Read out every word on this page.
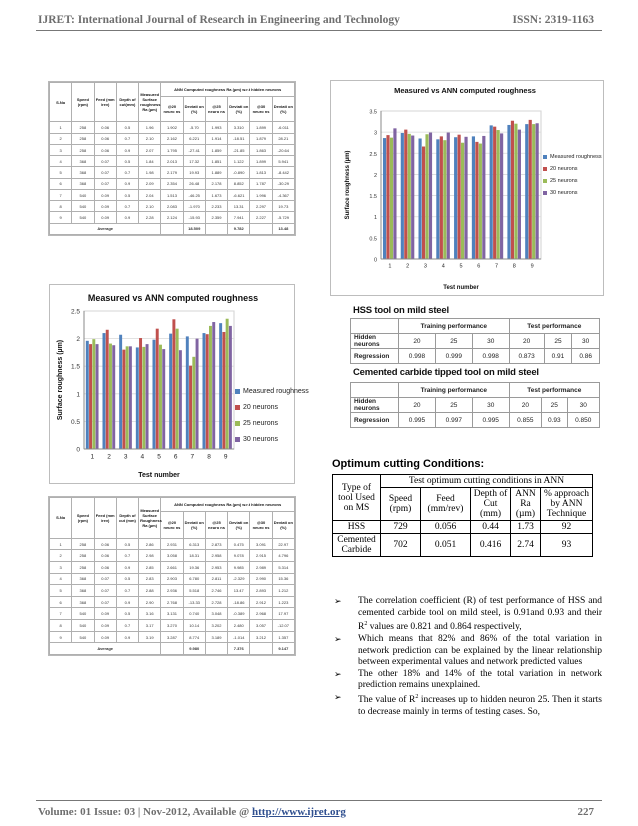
IJRET: International Journal of Research in Engineering and Technology	ISSN: 2319-1163
S.No	Speed (rpm)	Feed (mm /rev)	Depth of cut(mm)	Measured Surface roughness Ra (µm)	ANN Computed roughness Ra (µm) w.r.t hidden neurons					
					@20 neuro ns	Deviati on (%)	@25 neuro ns	Deviati on (%)	@30 neuro ns	Deviati on (%)
1	258	0.06	0.5	1.96	1.902	-5.70	1.993	3.310	1.899	-6.011
2	258	0.06	0.7	2.10	2.162	6.221	1.914	-18.51	1.879	28.21
3	258	0.06	0.9	2.07	1.795	-27.41	1.859	-21.85	1.863	-20.64
4	368	0.07	0.5	1.84	2.013	17.32	1.851	1.122	1.899	5.941
5	368	0.07	0.7	1.98	2.179	19.93	1.889	-0.890	1.813	-8.442
6	368	0.07	0.9	2.09	2.354	26.48	2.178	8.852	1.787	-30.29
7	540	0.09	0.5	2.04	1.513	-46.25	1.673	-6.621	1.996	-4.367
8	540	0.09	0.7	2.10	2.083	-1.970	2.233	13.31	2.297	19.73
9	540	0.09	0.9	2.28	2.124	-15.93	2.359	7.941	2.227	-5.729
Average						18.509		9.782		13.48
Measured vs ANN computed roughness
0
0.5
1
1.5
2
2.5
3
3.5
1	2	3	4	5	6	7	8	9
Test number
Surface roughness (µm)	Measured roughness
20 neurons
25 neurons
30 neurons
Measured vs ANN computed roughness
0
0.5
1
1.5
2
2.5
1 2 3 4 5 6 7 8 9
Test number
Surface roughness (µm)	Measured roughness
20 neurons
25 neurons
30 neurons
S.No	Speed (rpm)	Feed (mm /rev)	Depth of cut (mm)	Measured Surface Roughness Ra (µm)	ANN Computed roughness Ra (µm) w.r.t hidden neurons					
					@20 neuro ns	Deviati on (%)	@25 neuro ns	Deviati on (%)	@30 neuro ns	Deviati on (%)
1	258	0.06	0.5	2.86	2.931	6.313	2.873	0.475	3.091	22.97
2	258	0.06	0.7	2.98	3.058	18.31	2.958	9.078	2.915	4.796
3	258	0.06	0.9	2.85	2.661	19.36	2.953	9.985	2.989	5.314
4	368	0.07	0.5	2.83	2.903	6.780	2.811	-2.329	2.990	15.36
5	368	0.07	0.7	2.88	2.936	5.518	2.746	13.47	2.893	1.212
6	368	0.07	0.9	2.90	2.768	-13.33	2.728	-18.86	2.912	1.223
7	540	0.09	0.5	3.16	3.131	0.740	3.048	-0.389	2.968	17.97
8	540	0.09	0.7	3.17	3.270	10.14	3.202	2.480	3.057	-12.07
9	540	0.09	0.9	3.19	3.287	8.774	3.189	-1.014	3.212	1.357
Average						9.980		7.376		9.147
HSS tool on mild steel
	Training performance			Test performance		
Hidden neurons	20	25	30	20	25	30
Regression	0.998	0.999	0.998	0.873	0.91	0.86
Cemented carbide tipped tool on mild steel
	Training performance			Test performance		
Hidden neurons	20	25	30	20	25	30
Regression	0.995	0.997	0.995	0.855	0.93	0.850
Optimum cutting Conditions:
Type of tool Used on MS	Test optimum cutting conditions in ANN				
	Speed (rpm)	Feed (mm/rev)	Depth of Cut (mm)	ANN Ra (µm)	% approach by ANN Technique
HSS	729	0.056	0.44	1.73	92
Cemented Carbide	702	0.051	0.416	2.74	93
➢ The correlation coefficient (R) of test performance of HSS and cemented carbide tool on mild steel, is 0.91and 0.93 and their $R^2$ values are 0.821 and 0.864 respectively,
➢ Which means that 82% and 86% of the total variation in network prediction can be explained by the linear relationship between experimental values and network predicted values
➢ The other 18% and 14% of the total variation in network prediction remains unexplained.
➢ The value of $R^2$ increases up to hidden neuron 25. Then it starts to decrease mainly in terms of testing cases. So,
Volume: 01 Issue: 03 | Nov-2012, Available @ http://www.ijret.org	227
